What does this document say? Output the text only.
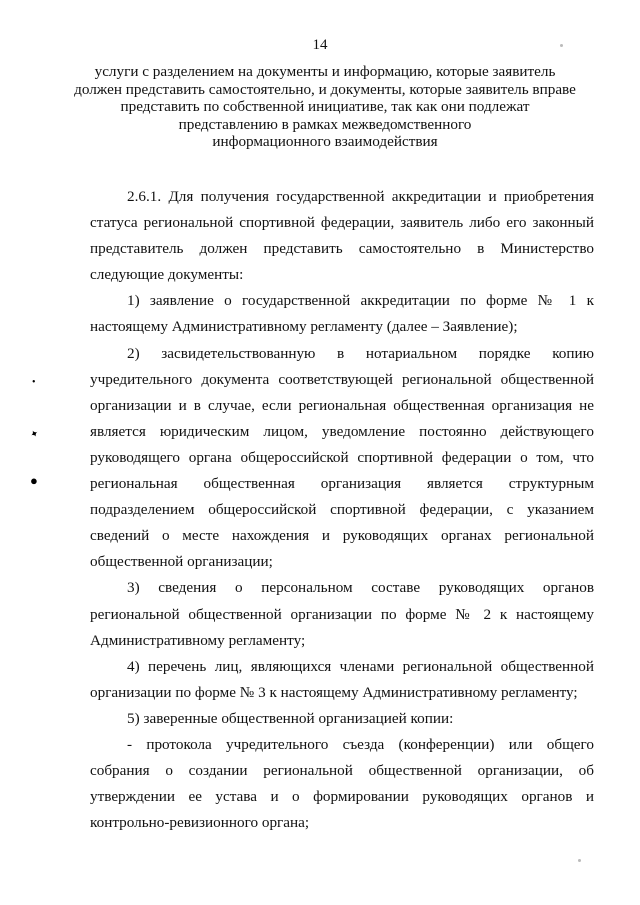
14
услуги с разделением на документы и информацию, которые заявитель
должен представить самостоятельно, и документы, которые заявитель вправе
представить по собственной инициативе, так как они подлежат
представлению в рамках межведомственного
информационного взаимодействия
2.6.1. Для получения государственной аккредитации и приобретения статуса региональной спортивной федерации, заявитель либо его законный представитель должен представить самостоятельно в Министерство следующие документы:
1) заявление о государственной аккредитации по форме № 1 к настоящему Административному регламенту (далее – Заявление);
2) засвидетельствованную в нотариальном порядке копию учредительного документа соответствующей региональной общественной организации и в случае, если региональная общественная организация не является юридическим лицом, уведомление постоянно действующего руководящего органа общероссийской спортивной федерации о том, что региональная общественная организация является структурным подразделением общероссийской спортивной федерации, с указанием сведений о месте нахождения и руководящих органах региональной общественной организации;
3) сведения о персональном составе руководящих органов региональной общественной организации по форме № 2 к настоящему Административному регламенту;
4) перечень лиц, являющихся членами региональной общественной организации по форме № 3 к настоящему Административному регламенту;
5) заверенные общественной организацией копии:
- протокола учредительного съезда (конференции) или общего собрания о создании региональной общественной организации, об утверждении ее устава и о формировании руководящих органов и контрольно-ревизионного органа;
•
✦
●
